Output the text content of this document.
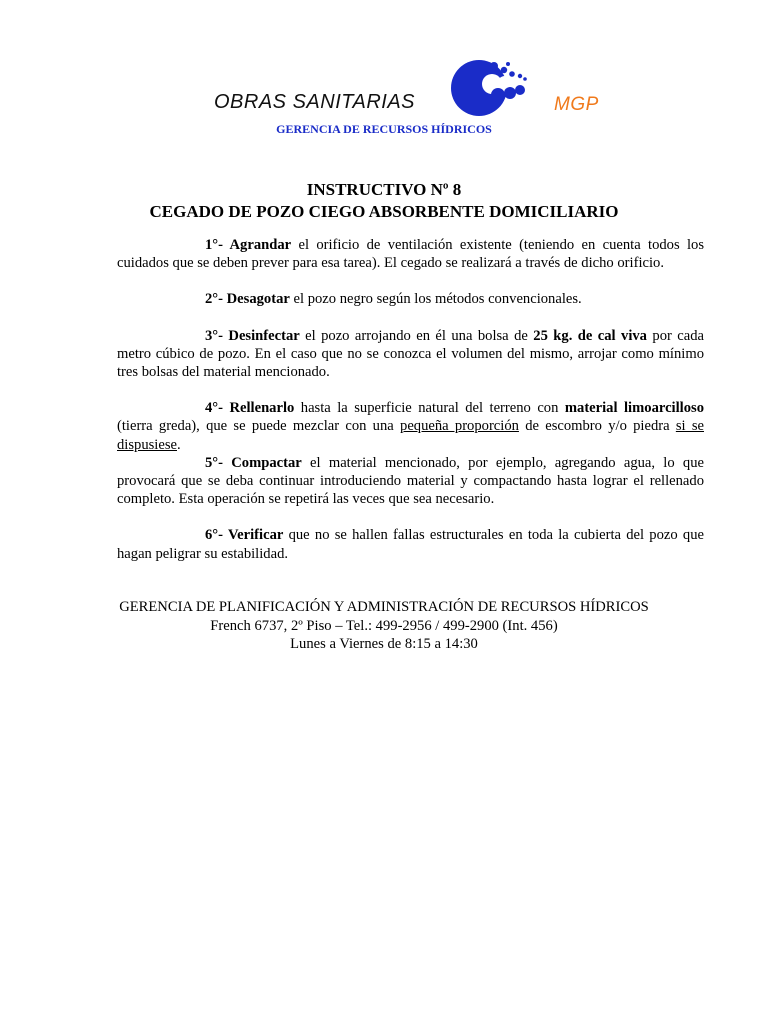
OBRAS SANITARIAS	MGP
GERENCIA DE RECURSOS HÍDRICOS
INSTRUCTIVO Nº 8
CEGADO DE POZO CIEGO ABSORBENTE DOMICILIARIO

1°- Agrandar el orificio de ventilación existente (teniendo en cuenta todos los cuidados que se deben prever para esa tarea). El cegado se realizará a través de dicho orificio.

2°- Desagotar el pozo negro según los métodos convencionales.

3°- Desinfectar el pozo arrojando en él una bolsa de 25 kg. de cal viva por cada metro cúbico de pozo. En el caso que no se conozca el volumen del mismo, arrojar como mínimo tres bolsas del material mencionado.

4°- Rellenarlo hasta la superficie natural del terreno con material limoarcilloso (tierra greda), que se puede mezclar con una pequeña proporción de escombro y/o piedra si se dispusiese.

5°- Compactar el material mencionado, por ejemplo, agregando agua, lo que provocará que se deba continuar introduciendo material y compactando hasta lograr el rellenado completo. Esta operación se repetirá las veces que sea necesario.

6°- Verificar que no se hallen fallas estructurales en toda la cubierta del pozo que hagan peligrar su estabilidad.

GERENCIA DE PLANIFICACIÓN Y ADMINISTRACIÓN DE RECURSOS HÍDRICOS
French 6737, 2º Piso – Tel.: 499-2956 / 499-2900 (Int. 456)
Lunes a Viernes de 8:15 a 14:30
